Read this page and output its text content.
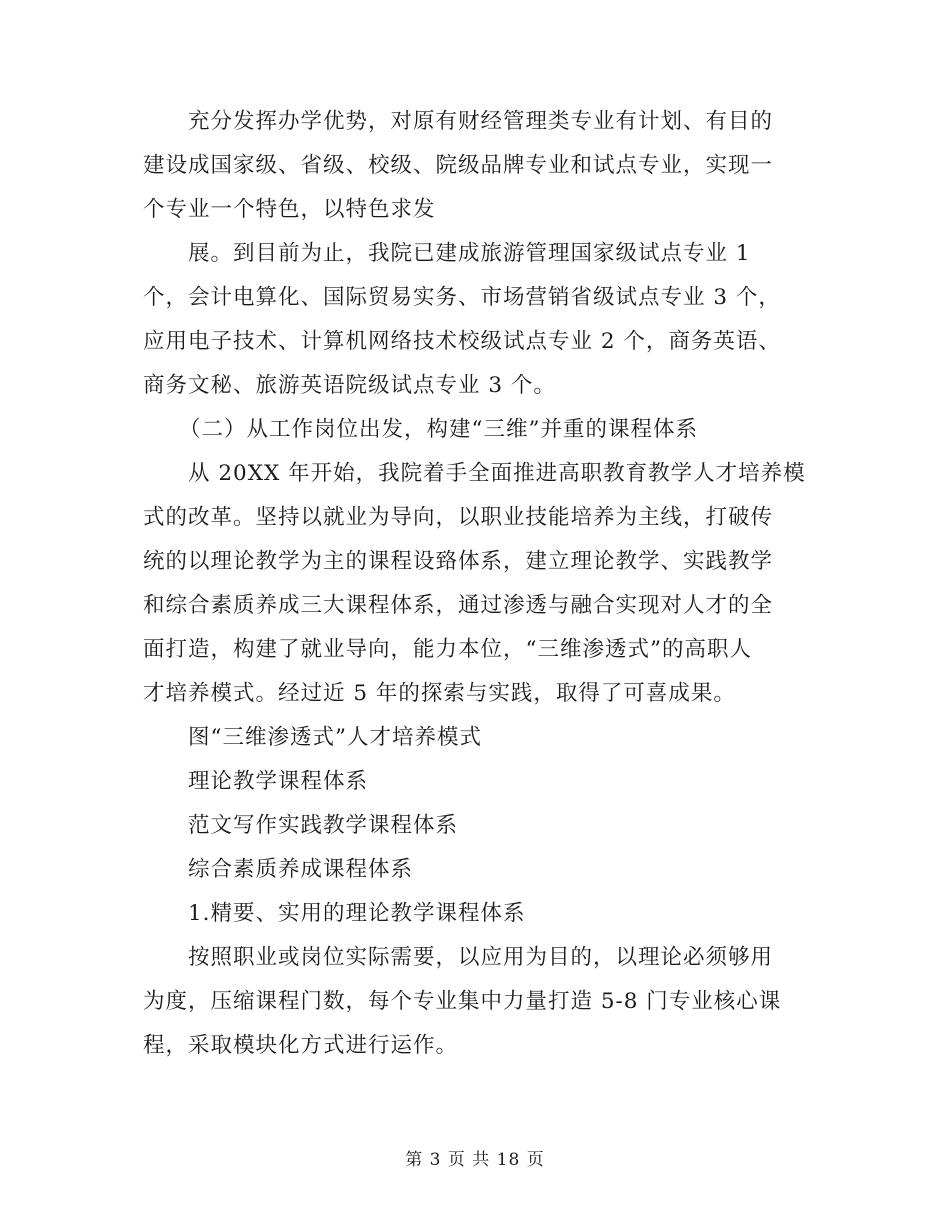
充分发挥办学优势，对原有财经管理类专业有计划、有目的
建设成国家级、省级、校级、院级品牌专业和试点专业，实现一
个专业一个特色，以特色求发

展。到目前为止，我院已建成旅游管理国家级试点专业 1
个，会计电算化、国际贸易实务、市场营销省级试点专业 3 个，
应用电子技术、计算机网络技术校级试点专业 2 个，商务英语、
商务文秘、旅游英语院级试点专业 3 个。

（二）从工作岗位出发，构建“三维”并重的课程体系

从 20XX 年开始，我院着手全面推进高职教育教学人才培养模
式的改革。坚持以就业为导向，以职业技能培养为主线，打破传
统的以理论教学为主的课程设臵体系，建立理论教学、实践教学
和综合素质养成三大课程体系，通过渗透与融合实现对人才的全
面打造，构建了就业导向，能力本位，“三维渗透式”的高职人
才培养模式。经过近 5 年的探索与实践，取得了可喜成果。

图“三维渗透式”人才培养模式

理论教学课程体系

范文写作实践教学课程体系

综合素质养成课程体系

1.精要、实用的理论教学课程体系

按照职业或岗位实际需要，以应用为目的，以理论必须够用
为度，压缩课程门数，每个专业集中力量打造 5-8 门专业核心课
程，采取模块化方式进行运作。

第 3 页 共 18 页
